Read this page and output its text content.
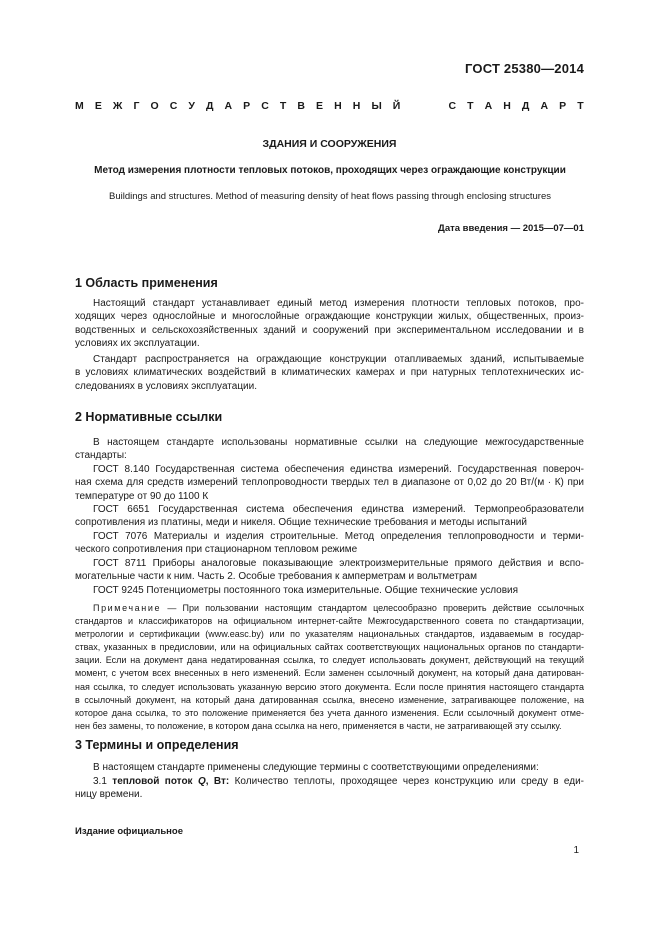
ГОСТ 25380—2014
М Е Ж Г О С У Д А Р С Т В Е Н Н Ы Й	С Т А Н Д А Р Т
ЗДАНИЯ И СООРУЖЕНИЯ
Метод измерения плотности тепловых потоков, проходящих через ограждающие конструкции
Buildings and structures. Method of measuring density of heat flows passing through enclosing structures
Дата введения — 2015—07—01
1 Область применения
Настоящий стандарт устанавливает единый метод измерения плотности тепловых потоков, про-
ходящих через однослойные и многослойные ограждающие конструкции жилых, общественных, произ-
водственных и сельскохозяйственных зданий и сооружений при экспериментальном исследовании и в
условиях их эксплуатации.
Стандарт распространяется на ограждающие конструкции отапливаемых зданий, испытываемые
в условиях климатических воздействий в климатических камерах и при натурных теплотехнических ис-
следованиях в условиях эксплуатации.
2 Нормативные ссылки
В настоящем стандарте использованы нормативные ссылки на следующие межгосударственные
стандарты:
ГОСТ 8.140 Государственная система обеспечения единства измерений. Государственная повероч-
ная схема для средств измерений теплопроводности твердых тел в диапазоне от 0,02 до 20 Вт/(м · К) при
температуре от 90 до 1100 К
ГОСТ 6651 Государственная система обеспечения единства измерений. Термопреобразователи
сопротивления из платины, меди и никеля. Общие технические требования и методы испытаний
ГОСТ 7076 Материалы и изделия строительные. Метод определения теплопроводности и терми-
ческого сопротивления при стационарном тепловом режиме
ГОСТ 8711 Приборы аналоговые показывающие электроизмерительные прямого действия и вспо-
могательные части к ним. Часть 2. Особые требования к амперметрам и вольтметрам
ГОСТ 9245 Потенциометры постоянного тока измерительные. Общие технические условия
Примечание — При пользовании настоящим стандартом целесообразно проверить действие ссылочных
стандартов и классификаторов на официальном интернет-сайте Межгосударственного совета по стандартизации,
метрологии и сертификации (www.easc.by) или по указателям национальных стандартов, издаваемым в государ-
ствах, указанных в предисловии, или на официальных сайтах соответствующих национальных органов по стандарти-
зации. Если на документ дана недатированная ссылка, то следует использовать документ, действующий на текущий
момент, с учетом всех внесенных в него изменений. Если заменен ссылочный документ, на который дана датирован-
ная ссылка, то следует использовать указанную версию этого документа. Если после принятия настоящего стандарта
в ссылочный документ, на который дана датированная ссылка, внесено изменение, затрагивающее положение, на
которое дана ссылка, то это положение применяется без учета данного изменения. Если ссылочный документ отме-
нен без замены, то положение, в котором дана ссылка на него, применяется в части, не затрагивающей эту ссылку.
3 Термины и определения
В настоящем стандарте применены следующие термины с соответствующими определениями:
3.1 тепловой поток Q, Вт: Количество теплоты, проходящее через конструкцию или среду в еди-
ницу времени.
Издание официальное
1
